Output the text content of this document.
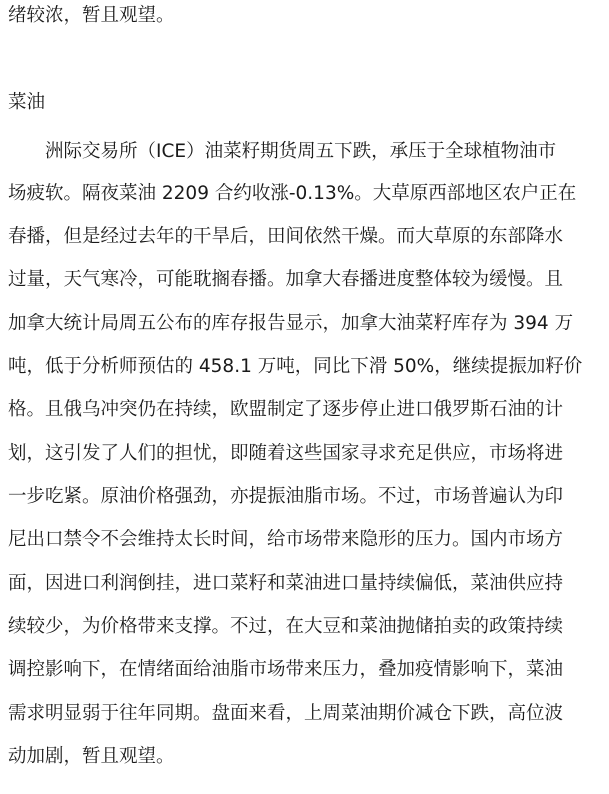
绪较浓，暂且观望。
菜油
　　洲际交易所（ICE）油菜籽期货周五下跌，承压于全球植物油市
场疲软。隔夜菜油 2209 合约收涨-0.13%。大草原西部地区农户正在
春播，但是经过去年的干旱后，田间依然干燥。而大草原的东部降水
过量，天气寒冷，可能耽搁春播。加拿大春播进度整体较为缓慢。且
加拿大统计局周五公布的库存报告显示，加拿大油菜籽库存为 394 万
吨，低于分析师预估的 458.1 万吨，同比下滑 50%，继续提振加籽价
格。且俄乌冲突仍在持续，欧盟制定了逐步停止进口俄罗斯石油的计
划，这引发了人们的担忧，即随着这些国家寻求充足供应，市场将进
一步吃紧。原油价格强劲，亦提振油脂市场。不过，市场普遍认为印
尼出口禁令不会维持太长时间，给市场带来隐形的压力。国内市场方
面，因进口利润倒挂，进口菜籽和菜油进口量持续偏低，菜油供应持
续较少，为价格带来支撑。不过，在大豆和菜油抛储拍卖的政策持续
调控影响下，在情绪面给油脂市场带来压力，叠加疫情影响下，菜油
需求明显弱于往年同期。盘面来看，上周菜油期价减仓下跌，高位波
动加剧，暂且观望。
